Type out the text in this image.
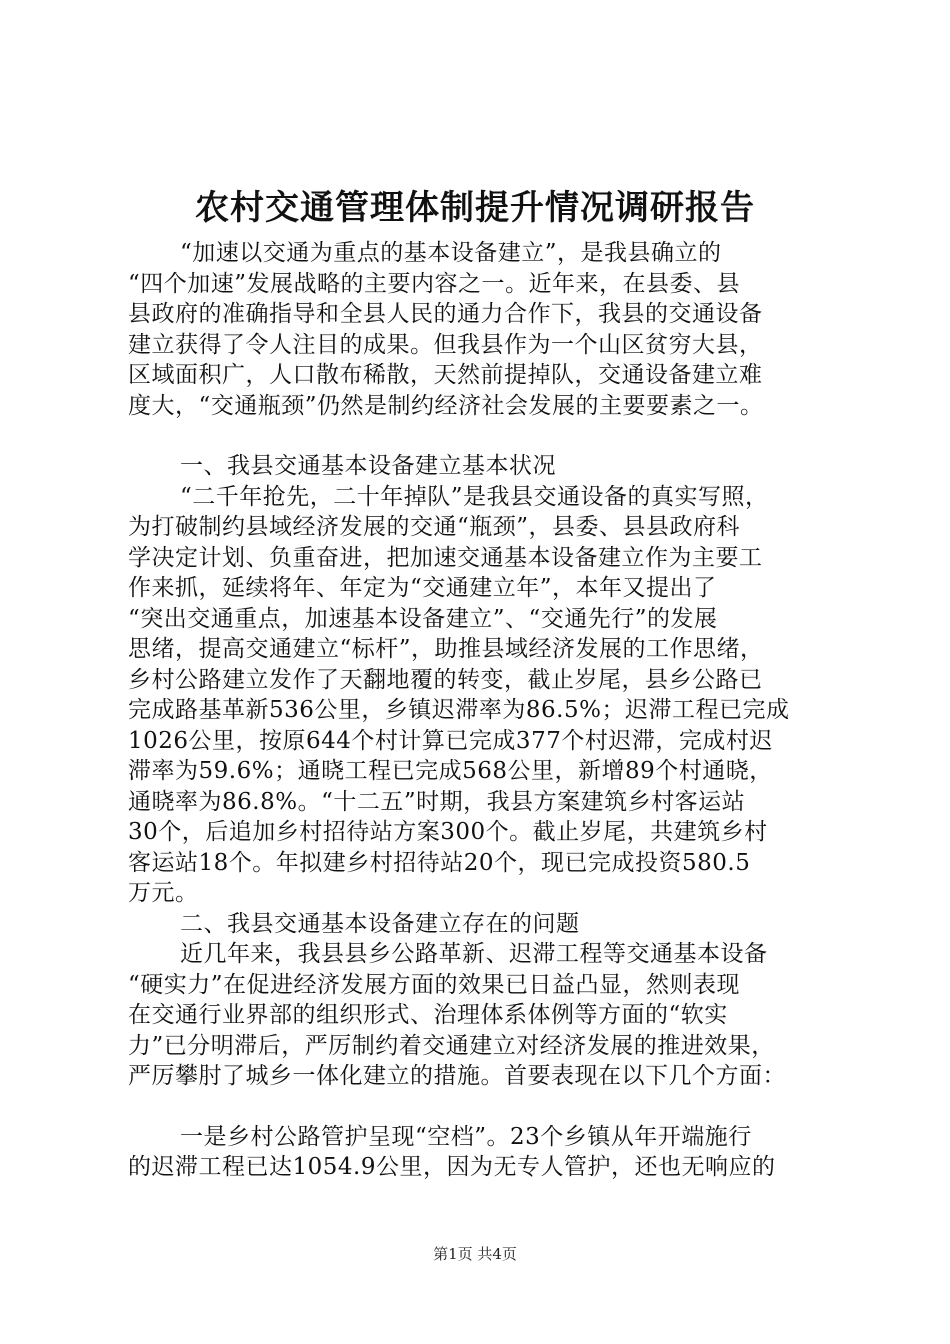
农村交通管理体制提升情况调研报告
“加速以交通为重点的基本设备建立”，是我县确立的
“四个加速”发展战略的主要内容之一。近年来，在县委、县
县政府的准确指导和全县人民的通力合作下，我县的交通设备
建立获得了令人注目的成果。但我县作为一个山区贫穷大县，
区域面积广，人口散布稀散，天然前提掉队，交通设备建立难
度大，“交通瓶颈”仍然是制约经济社会发展的主要要素之一。
一、我县交通基本设备建立基本状况
“二千年抢先，二十年掉队”是我县交通设备的真实写照，
为打破制约县域经济发展的交通“瓶颈”，县委、县县政府科
学决定计划、负重奋进，把加速交通基本设备建立作为主要工
作来抓，延续将年、年定为“交通建立年”，本年又提出了
“突出交通重点，加速基本设备建立”、“交通先行”的发展
思绪，提高交通建立“标杆”，助推县域经济发展的工作思绪，
乡村公路建立发作了天翻地覆的转变，截止岁尾，县乡公路已
完成路基革新536公里，乡镇迟滞率为86.5%；迟滞工程已完成
1026公里，按原644个村计算已完成377个村迟滞，完成村迟
滞率为59.6%；通晓工程已完成568公里，新增89个村通晓，
通晓率为86.8%。“十二五”时期，我县方案建筑乡村客运站
30个，后追加乡村招待站方案300个。截止岁尾，共建筑乡村
客运站18个。年拟建乡村招待站20个，现已完成投资580.5
万元。
二、我县交通基本设备建立存在的问题
近几年来，我县县乡公路革新、迟滞工程等交通基本设备
“硬实力”在促进经济发展方面的效果已日益凸显，然则表现
在交通行业界部的组织形式、治理体系体例等方面的“软实
力”已分明滞后，严厉制约着交通建立对经济发展的推进效果，
严厉攀肘了城乡一体化建立的措施。首要表现在以下几个方面：
一是乡村公路管护呈现“空档”。23个乡镇从年开端施行
的迟滞工程已达1054.9公里，因为无专人管护，还也无响应的
第1页 共4页
